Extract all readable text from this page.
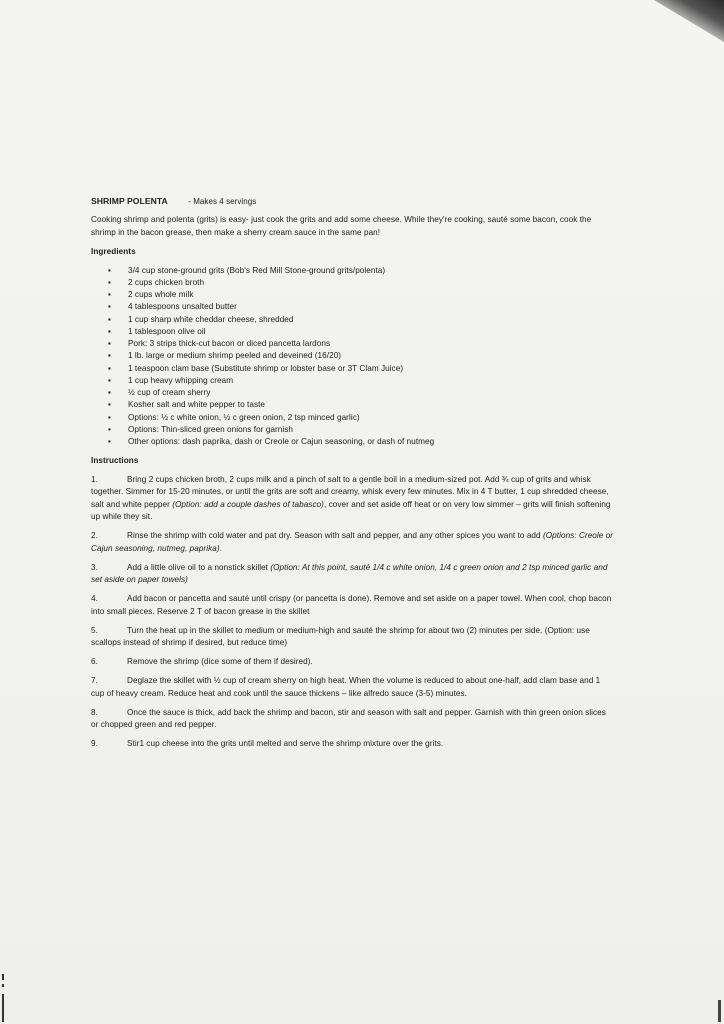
SHRIMP POLENTA	- Makes 4 servings
Cooking shrimp and polenta (grits) is easy- just cook the grits and add some cheese. While they're cooking, sauté some bacon, cook the shrimp in the bacon grease, then make a sherry cream sauce in the same pan!
Ingredients
▪ 3/4 cup stone-ground grits (Bob's Red Mill Stone-ground grits/polenta)
▪ 2 cups chicken broth
▪ 2 cups whole milk
▪ 4 tablespoons unsalted butter
▪ 1 cup sharp white cheddar cheese, shredded
▪ 1 tablespoon olive oil
▪ Pork: 3 strips thick-cut bacon or diced pancetta lardons
▪ 1 lb. large or medium shrimp peeled and deveined (16/20)
▪ 1 teaspoon clam base (Substitute shrimp or lobster base or 3T Clam Juice)
▪ 1 cup heavy whipping cream
▪ ½ cup of cream sherry
▪ Kosher salt and white pepper to taste
▪ Options: ½ c white onion, ½ c green onion, 2 tsp minced garlic)
▪ Options: Thin-sliced green onions for garnish
▪ Other options: dash paprika, dash or Creole or Cajun seasoning, or dash of nutmeg
Instructions
1.	Bring 2 cups chicken broth, 2 cups milk and a pinch of salt to a gentle boil in a medium-sized pot. Add ¾ cup of grits and whisk together. Simmer for 15-20 minutes, or until the grits are soft and creamy, whisk every few minutes. Mix in 4 T butter, 1 cup shredded cheese, salt and white pepper (Option: add a couple dashes of tabasco), cover and set aside off heat or on very low simmer – grits will finish softening up while they sit.
2.	Rinse the shrimp with cold water and pat dry. Season with salt and pepper, and any other spices you want to add (Options: Creole or Cajun seasoning, nutmeg, paprika).
3.	Add a little olive oil to a nonstick skillet (Option: At this point, sauté 1/4 c white onion, 1/4 c green onion and 2 tsp minced garlic and set aside on paper towels)
4.	Add bacon or pancetta and sauté until crispy (or pancetta is done). Remove and set aside on a paper towel. When cool, chop bacon into small pieces. Reserve 2 T of bacon grease in the skillet
5.	Turn the heat up in the skillet to medium or medium-high and sauté the shrimp for about two (2) minutes per side. (Option: use scallops instead of shrimp if desired, but reduce time)
6.	Remove the shrimp (dice some of them if desired).
7.	Deglaze the skillet with ½ cup of cream sherry on high heat. When the volume is reduced to about one-half, add clam base and 1 cup of heavy cream. Reduce heat and cook until the sauce thickens – like alfredo sauce (3-5) minutes.
8.	Once the sauce is thick, add back the shrimp and bacon, stir and season with salt and pepper. Garnish with thin green onion slices or chopped green and red pepper.
9.	Stir1 cup cheese into the grits until melted and serve the shrimp mixture over the grits.
